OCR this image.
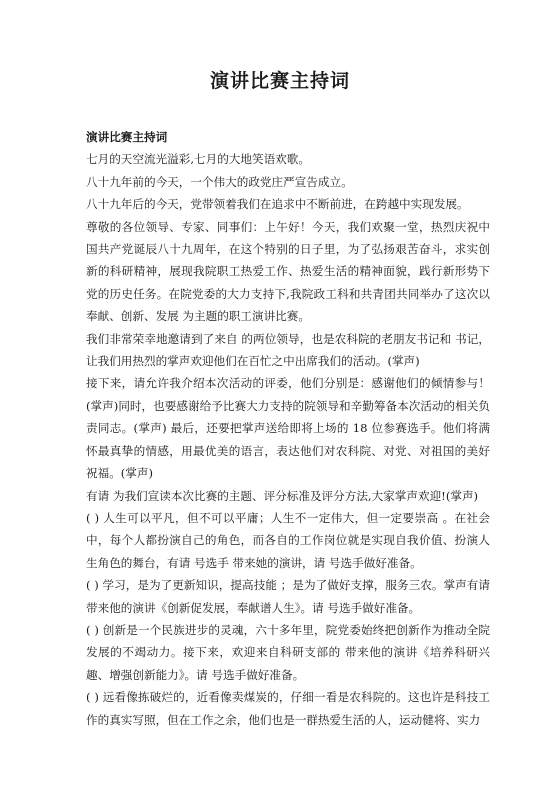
演讲比赛主持词

演讲比赛主持词

七月的天空流光溢彩,七月的大地笑语欢歌。

八十九年前的今天，一个伟大的政党庄严宣告成立。

八十九年后的今天，党带领着我们在追求中不断前进，在跨越中实现发展。

尊敬的各位领导、专家、同事们：上午好！今天，我们欢聚一堂，热烈庆祝中国共产党诞辰八十九周年，在这个特别的日子里，为了弘扬艰苦奋斗，求实创新的科研精神，展现我院职工热爱工作、热爱生活的精神面貌，践行新形势下党的历史任务。在院党委的大力支持下,我院政工科和共青团共同举办了这次以 奉献、创新、发展 为主题的职工演讲比赛。

我们非常荣幸地邀请到了来自 的两位领导，也是农科院的老朋友书记和 书记，让我们用热烈的掌声欢迎他们在百忙之中出席我们的活动。(掌声)

接下来，请允许我介绍本次活动的评委，他们分别是：感谢他们的倾情参与！(掌声)同时，也要感谢给予比赛大力支持的院领导和辛勤筹备本次活动的相关负责同志。(掌声) 最后，还要把掌声送给即将上场的 18 位参赛选手。他们将满怀最真挚的情感，用最优美的语言，表达他们对农科院、对党、对祖国的美好祝福。(掌声)

有请 为我们宣读本次比赛的主题、评分标准及评分方法,大家掌声欢迎!(掌声)

( ) 人生可以平凡，但不可以平庸；人生不一定伟大，但一定要崇高 。在社会中，每个人都扮演自己的角色，而各自的工作岗位就是实现自我价值、扮演人生角色的舞台，有请 号选手 带来她的演讲，请 号选手做好准备。

( ) 学习，是为了更新知识，提高技能 ；是为了做好支撑，服务三农。掌声有请 带来他的演讲《创新促发展，奉献谱人生》。请 号选手做好准备。

( ) 创新是一个民族进步的灵魂，六十多年里，院党委始终把创新作为推动全院发展的不竭动力。接下来，欢迎来自科研支部的 带来他的演讲《培养科研兴趣、增强创新能力》。请 号选手做好准备。

( ) 远看像拣破烂的，近看像卖煤炭的，仔细一看是农科院的。这也许是科技工作的真实写照，但在工作之余，他们也是一群热爱生活的人，运动健将、实力
